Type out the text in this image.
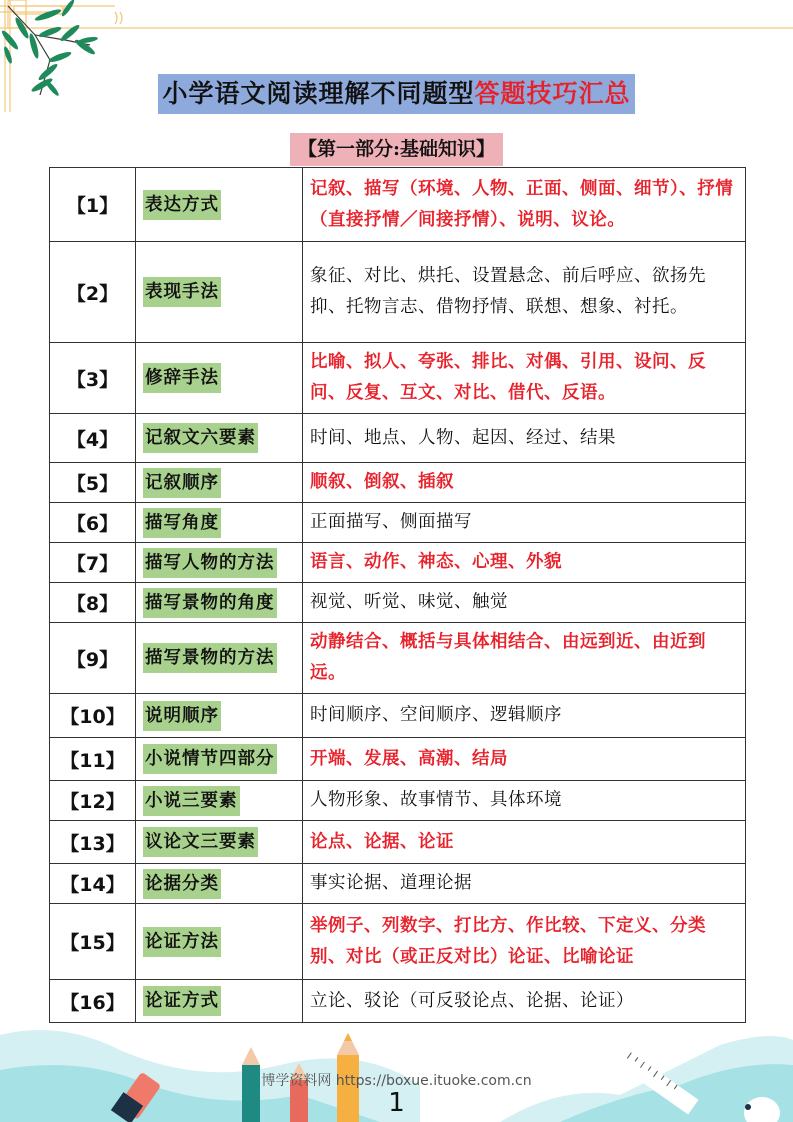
小学语文阅读理解不同题型答题技巧汇总
【第一部分:基础知识】
【1】	表达方式	记叙、描写（环境、人物、正面、侧面、细节）、抒情（直接抒情／间接抒情）、说明、议论。
【2】	表现手法	象征、对比、烘托、设置悬念、前后呼应、欲扬先抑、托物言志、借物抒情、联想、想象、衬托。
【3】	修辞手法	比喻、拟人、夸张、排比、对偶、引用、设问、反问、反复、互文、对比、借代、反语。
【4】	记叙文六要素	时间、地点、人物、起因、经过、结果
【5】	记叙顺序	顺叙、倒叙、插叙
【6】	描写角度	正面描写、侧面描写
【7】	描写人物的方法	语言、动作、神态、心理、外貌
【8】	描写景物的角度	视觉、听觉、味觉、触觉
【9】	描写景物的方法	动静结合、概括与具体相结合、由远到近、由近到远。
【10】	说明顺序	时间顺序、空间顺序、逻辑顺序
【11】	小说情节四部分	开端、发展、高潮、结局
【12】	小说三要素	人物形象、故事情节、具体环境
【13】	议论文三要素	论点、论据、论证
【14】	论据分类	事实论据、道理论据
【15】	论证方法	举例子、列数字、打比方、作比较、下定义、分类别、对比（或正反对比）论证、比喻论证
【16】	论证方式	立论、驳论（可反驳论点、论据、论证）
博学资料网 https://boxue.ituoke.com.cn
1
